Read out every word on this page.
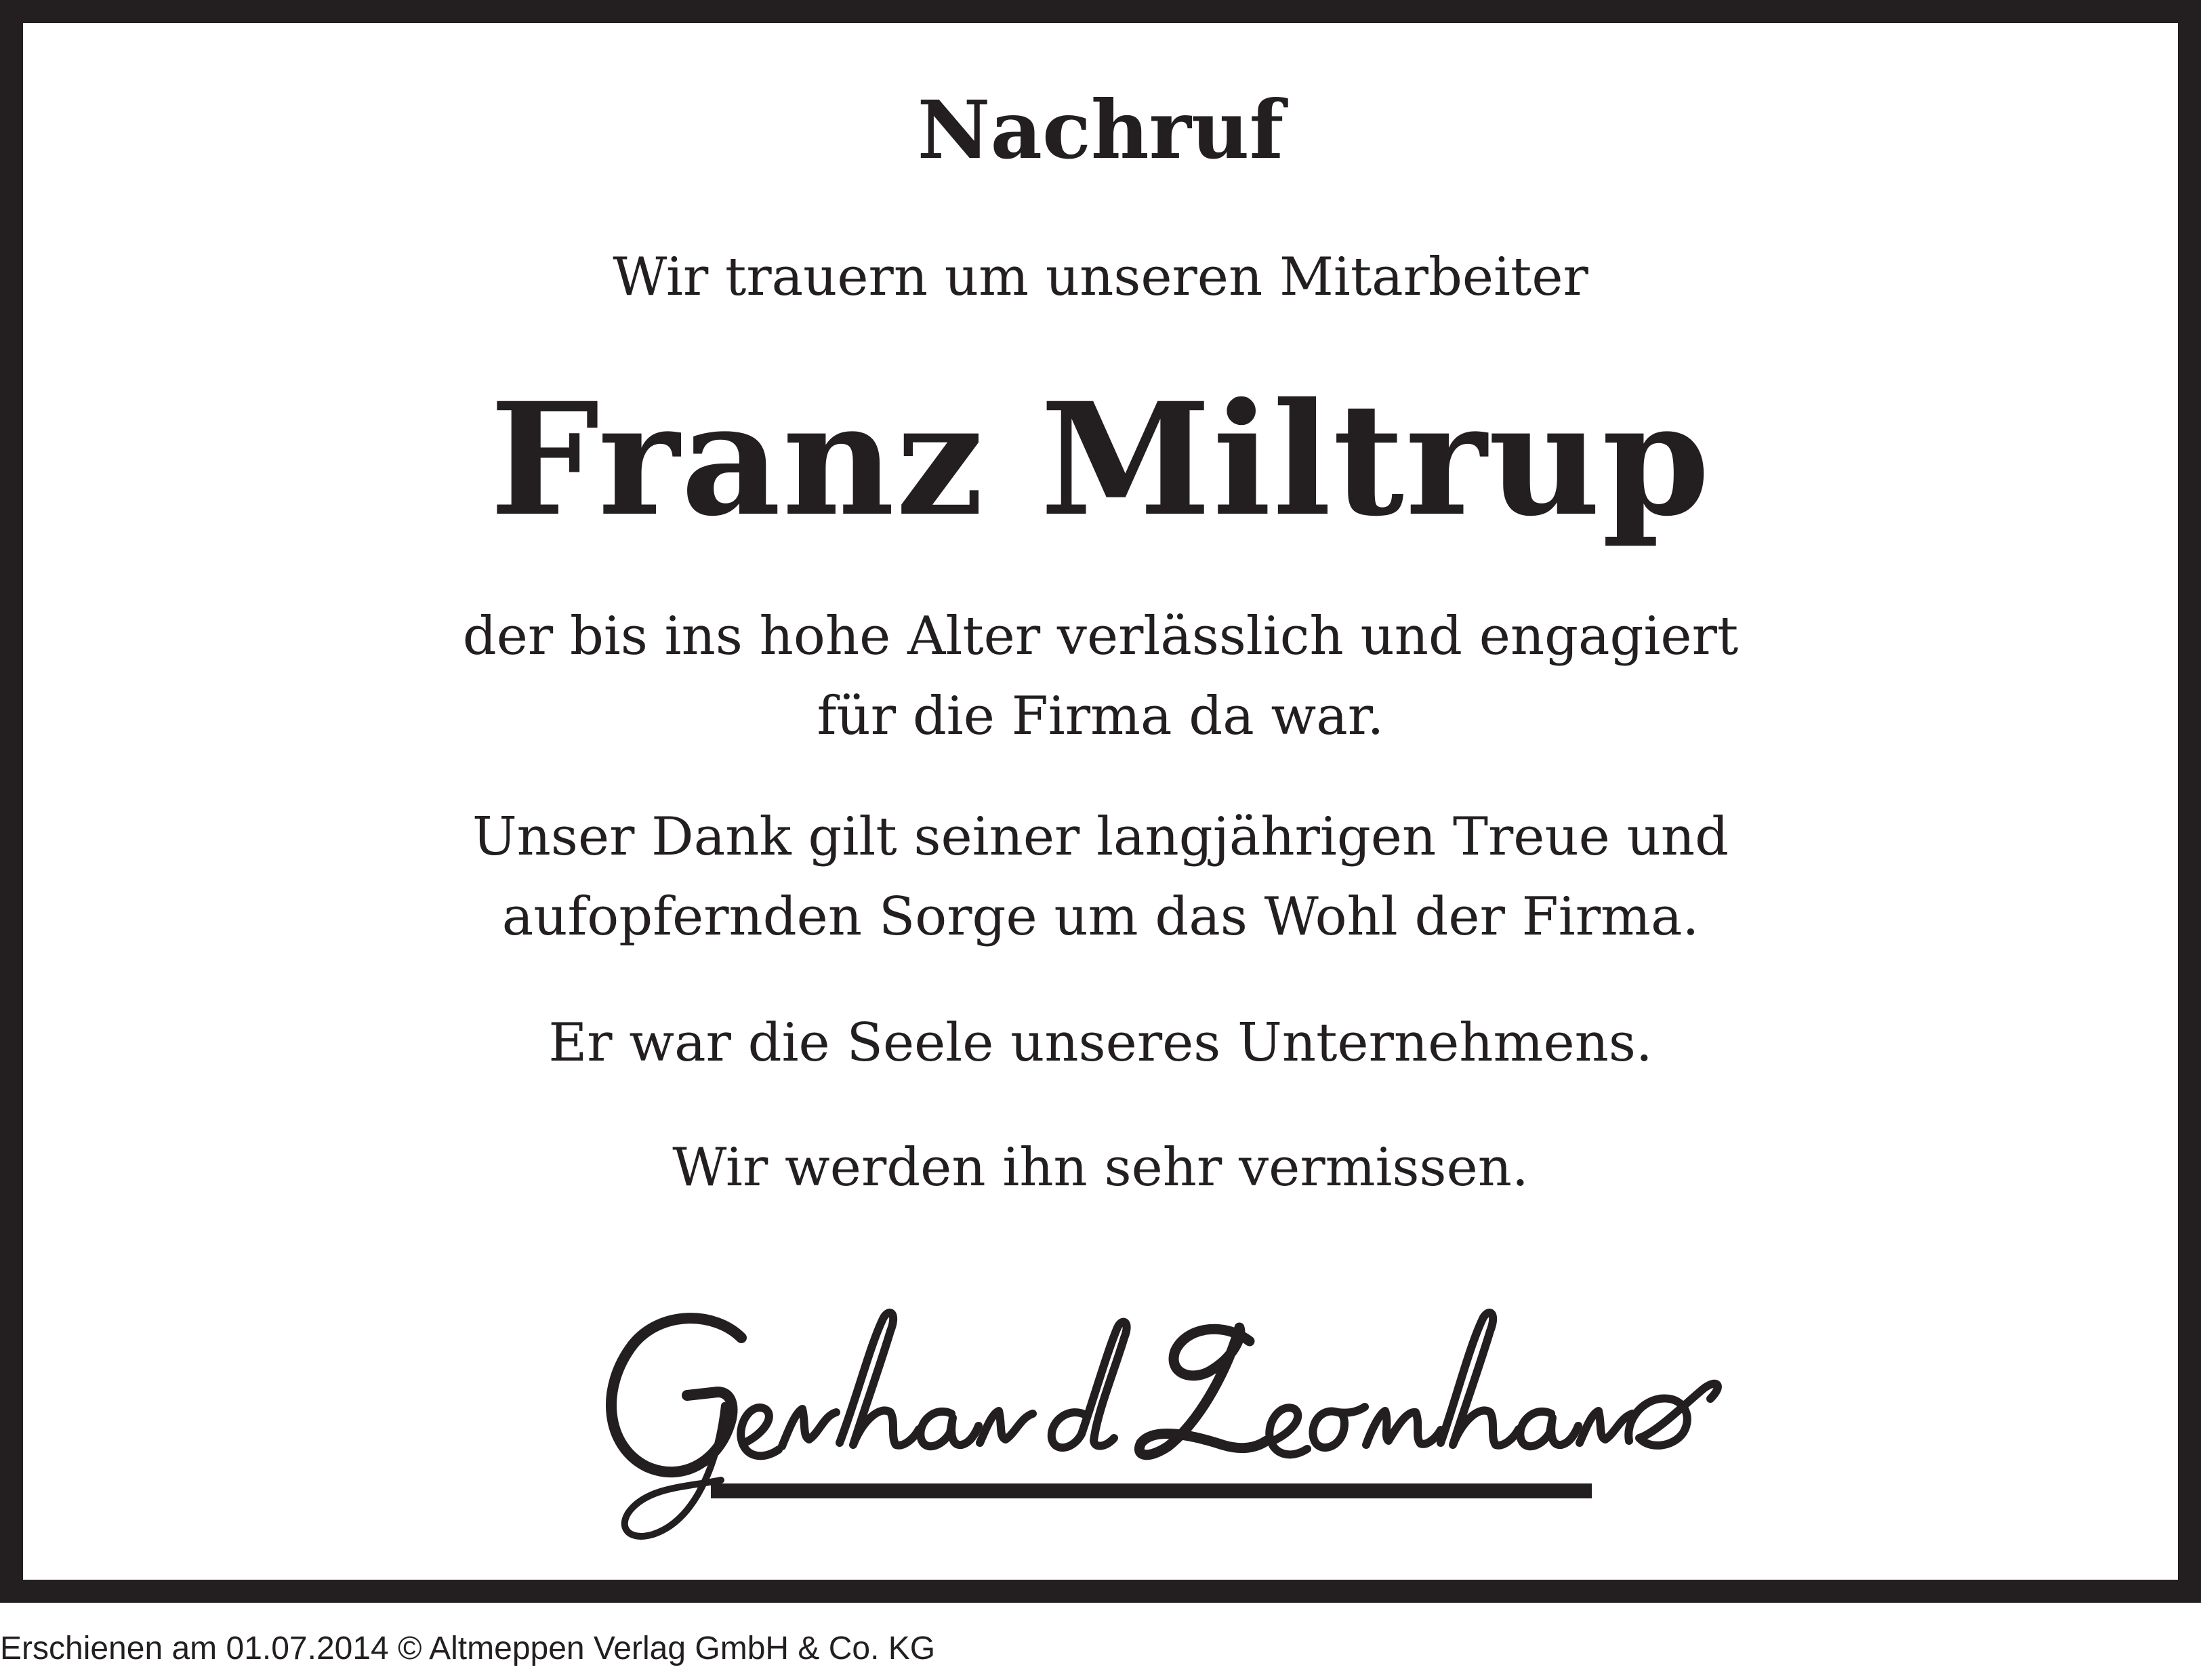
Nachruf
Wir trauern um unseren Mitarbeiter
Franz Miltrup
der bis ins hohe Alter verlässlich und engagiert
für die Firma da war.
Unser Dank gilt seiner langjährigen Treue und
aufopfernden Sorge um das Wohl der Firma.
Er war die Seele unseres Unternehmens.
Wir werden ihn sehr vermissen.
Erschienen am 01.07.2014 © Altmeppen Verlag GmbH & Co. KG
